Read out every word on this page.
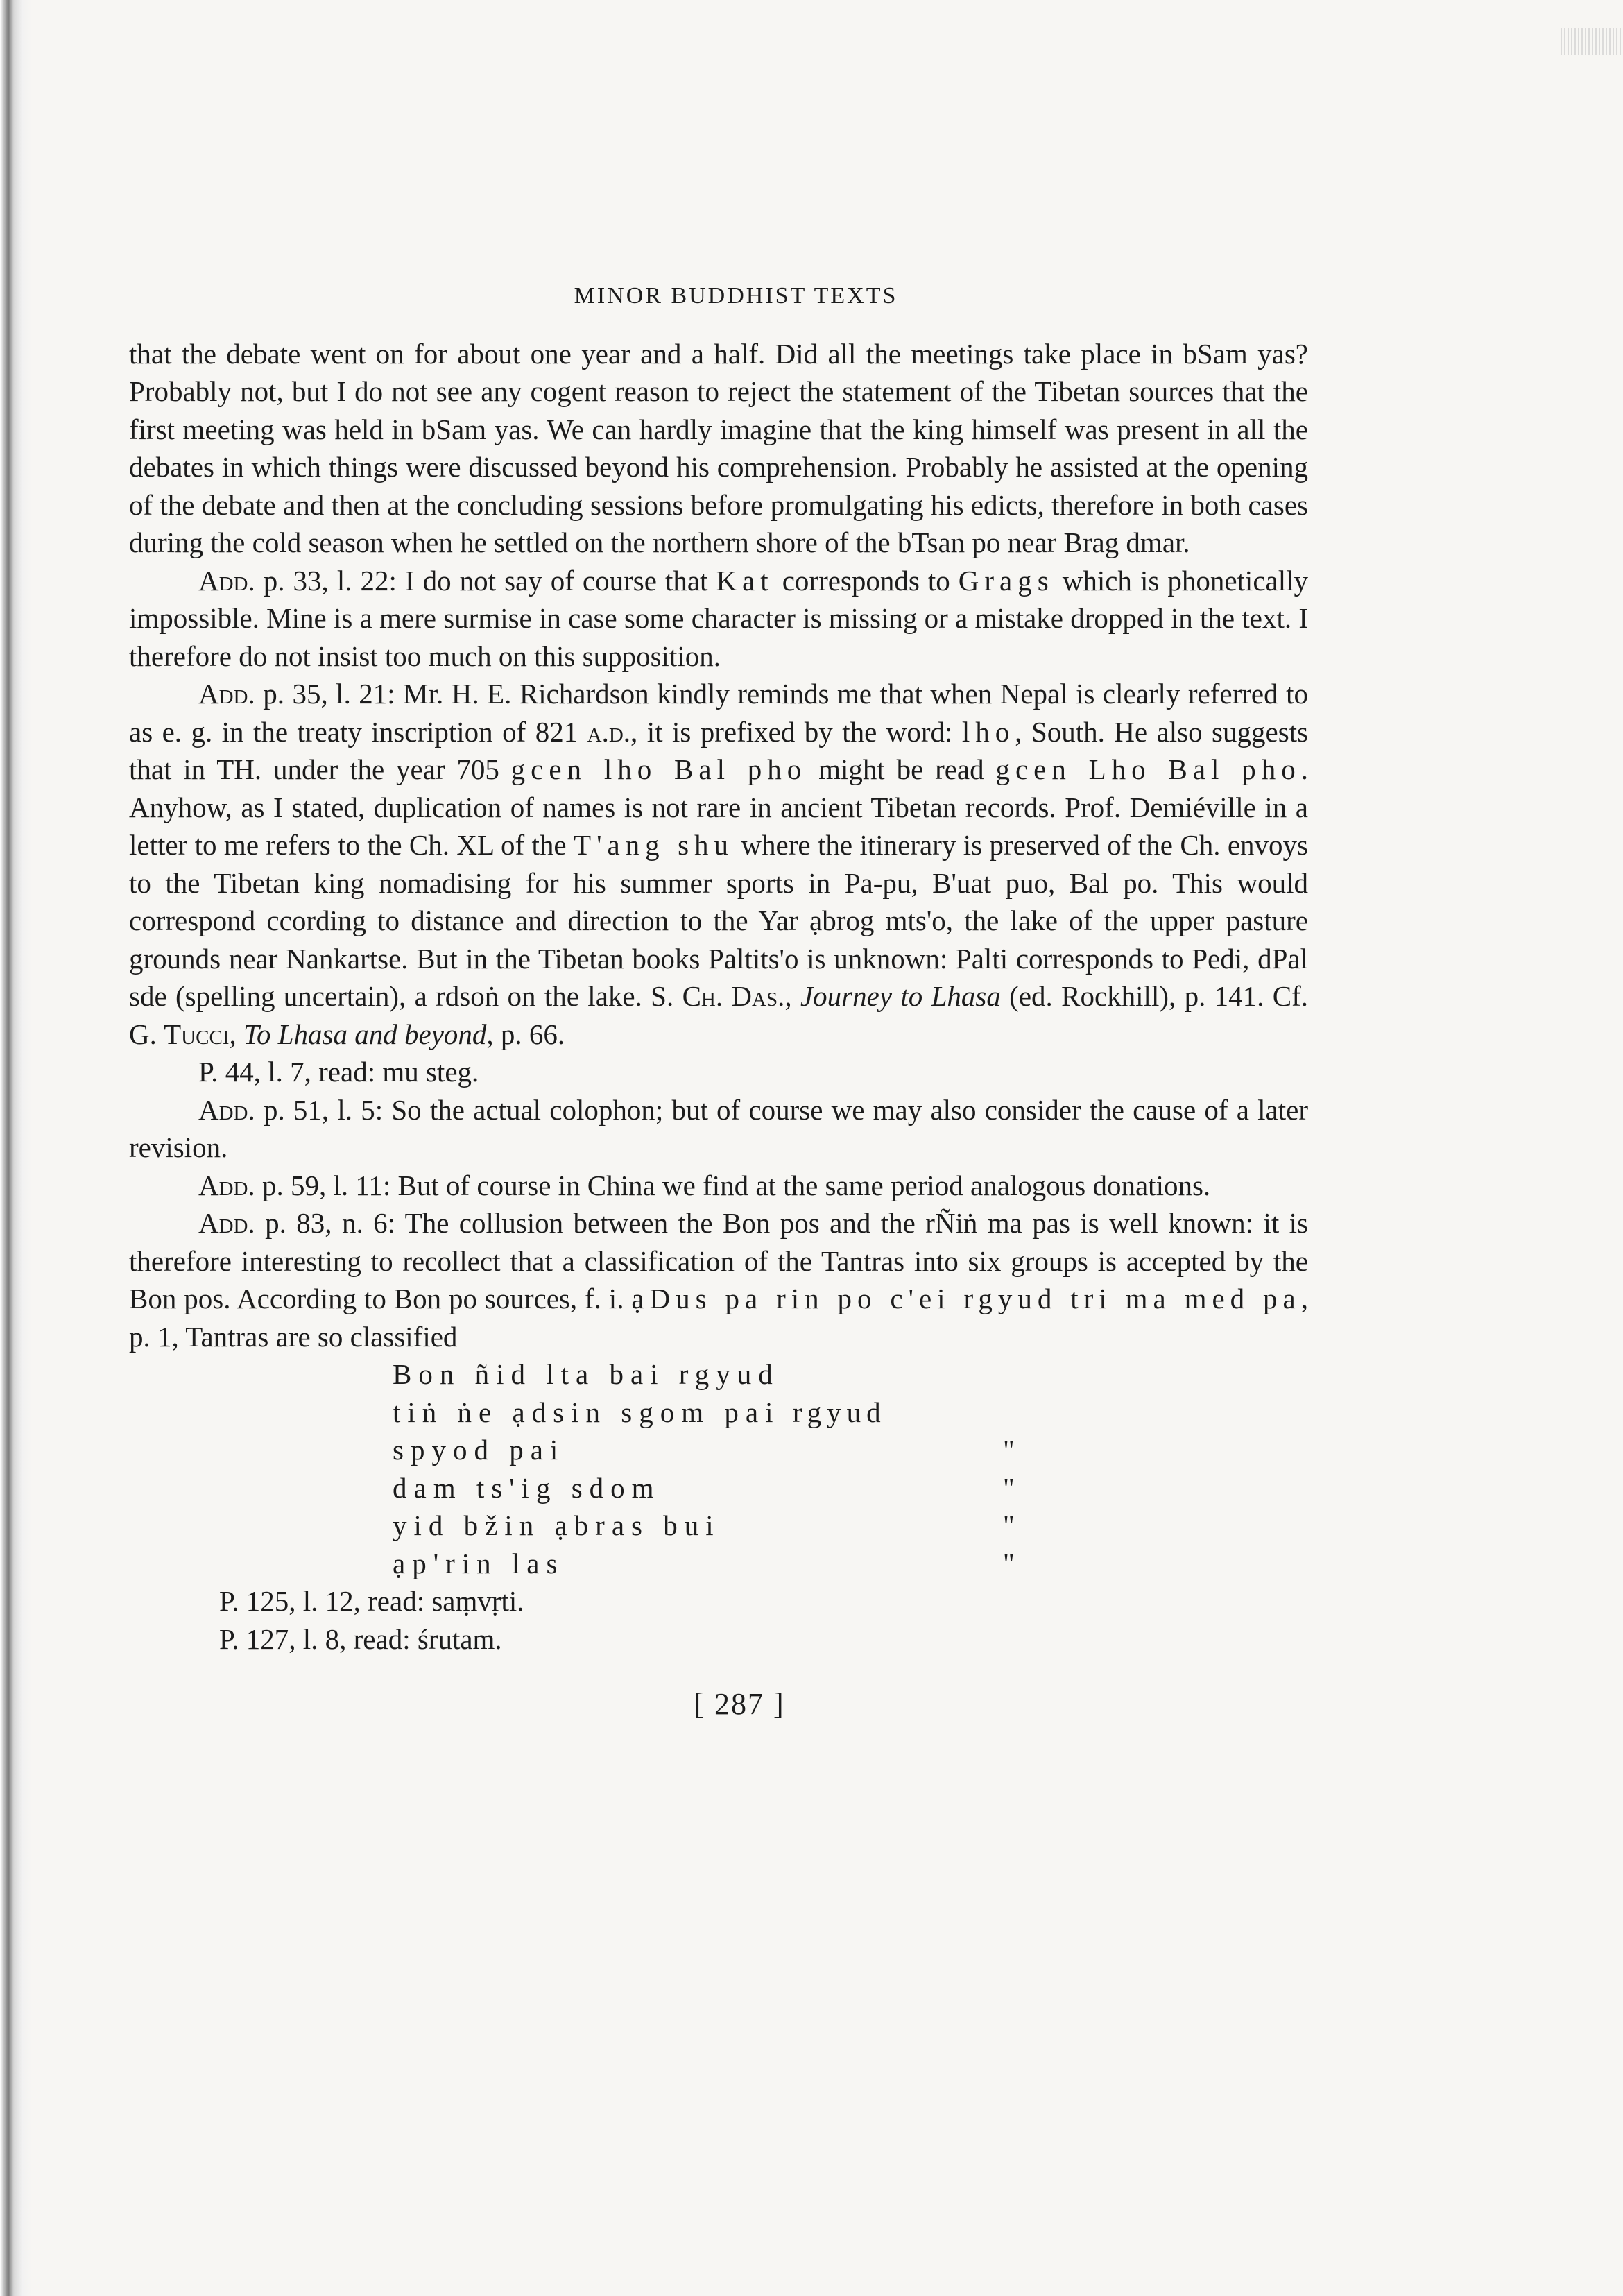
MINOR BUDDHIST TEXTS

that the debate went on for about one year and a half. Did all the meetings take place in bSam yas? Probably not, but I do not see any cogent reason to reject the statement of the Tibetan sources that the first meeting was held in bSam yas. We can hardly imagine that the king himself was present in all the debates in which things were discussed beyond his comprehension. Probably he assisted at the opening of the debate and then at the concluding sessions before promulgating his edicts, therefore in both cases during the cold season when he settled on the northern shore of the bTsan po near Brag dmar.

Add. p. 33, l. 22: I do not say of course that Kat corresponds to Grags which is phonetically impossible. Mine is a mere surmise in case some character is missing or a mistake dropped in the text. I therefore do not insist too much on this supposition.

Add. p. 35, l. 21: Mr. H. E. Richardson kindly reminds me that when Nepal is clearly referred to as e. g. in the treaty inscription of 821 a.d., it is prefixed by the word: lho, South. He also suggests that in TH. under the year 705 gcen lho Bal pho might be read gcen Lho Bal pho. Anyhow, as I stated, duplication of names is not rare in ancient Tibetan records. Prof. Demiéville in a letter to me refers to the Ch. XL of the T'ang shu where the itinerary is preserved of the Ch. envoys to the Tibetan king nomadising for his summer sports in Pa-pu, B'uat puo, Bal po. This would correspond ccording to distance and direction to the Yar ạbrog mts'o, the lake of the upper pasture grounds near Nankartse. But in the Tibetan books Paltits'o is unknown: Palti corresponds to Pedi, dPal sde (spelling uncertain), a rdsoṅ on the lake. S. Ch. Das., Journey to Lhasa (ed. Rockhill), p. 141. Cf. G. Tucci, To Lhasa and beyond, p. 66.

P. 44, l. 7, read: mu steg.

Add. p. 51, l. 5: So the actual colophon; but of course we may also consider the cause of a later revision.

Add. p. 59, l. 11: But of course in China we find at the same period analogous donations.

Add. p. 83, n. 6: The collusion between the Bon pos and the rÑiṅ ma pas is well known: it is therefore interesting to recollect that a classification of the Tantras into six groups is accepted by the Bon pos. According to Bon po sources, f. i. ạDus pa rin po c'ei rgyud tri ma med pa, p. 1, Tantras are so classified

Bon ñid lta bai rgyud
tiṅ ṅe ạdsin sgom pai rgyud
spyod pai	"
dam ts'ig sdom	"
yid bžin ạbras bui	"
ạp'rin las	"

P. 125, l. 12, read: saṃvṛti.

P. 127, l. 8, read: śrutam.

[ 287 ]
